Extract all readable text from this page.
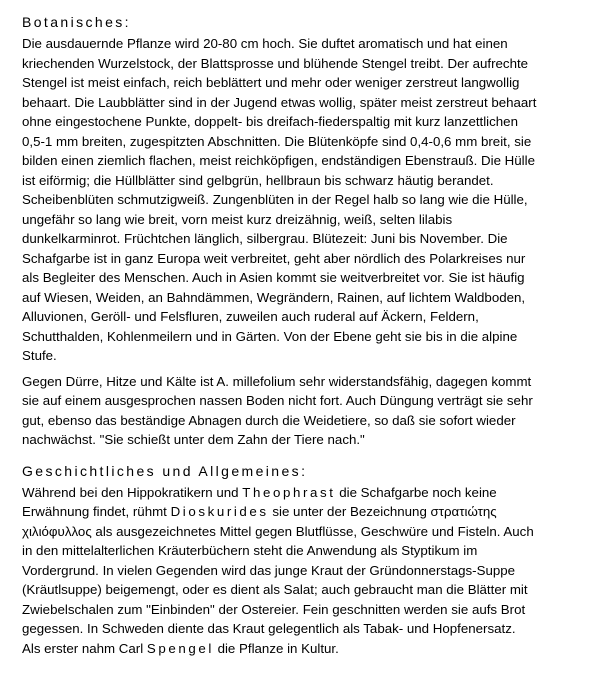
Botanisches:

Die ausdauernde Pflanze wird 20-80 cm hoch. Sie duftet aromatisch und hat einen
kriechenden Wurzelstock, der Blattsprosse und blühende Stengel treibt. Der aufrechte
Stengel ist meist einfach, reich beblättert und mehr oder weniger zerstreut langwollig
behaart. Die Laubblätter sind in der Jugend etwas wollig, später meist zerstreut behaart
ohne eingestochene Punkte, doppelt- bis dreifach-fiederspaltig mit kurz lanzettlichen
0,5-1 mm breiten, zugespitzten Abschnitten. Die Blütenköpfe sind 0,4-0,6 mm breit, sie
bilden einen ziemlich flachen, meist reichköpfigen, endständigen Ebenstrauß. Die Hülle
ist eiförmig; die Hüllblätter sind gelbgrün, hellbraun bis schwarz häutig berandet.
Scheibenblüten schmutzigweiß. Zungenblüten in der Regel halb so lang wie die Hülle,
ungefähr so lang wie breit, vorn meist kurz dreizähnig, weiß, selten lilabis
dunkelkarminrot. Früchtchen länglich, silbergrau. Blütezeit: Juni bis November. Die
Schafgarbe ist in ganz Europa weit verbreitet, geht aber nördlich des Polarkreises nur
als Begleiter des Menschen. Auch in Asien kommt sie weitverbreitet vor. Sie ist häufig
auf Wiesen, Weiden, an Bahndämmen, Wegrändern, Rainen, auf lichtem Waldboden,
Alluvionen, Geröll- und Felsfluren, zuweilen auch ruderal auf Äckern, Feldern,
Schutthalden, Kohlenmeilern und in Gärten. Von der Ebene geht sie bis in die alpine
Stufe.

Gegen Dürre, Hitze und Kälte ist A. millefolium sehr widerstandsfähig, dagegen kommt
sie auf einem ausgesprochen nassen Boden nicht fort. Auch Düngung verträgt sie sehr
gut, ebenso das beständige Abnagen durch die Weidetiere, so daß sie sofort wieder
nachwächst. "Sie schießt unter dem Zahn der Tiere nach."

Geschichtliches und Allgemeines:

Während bei den Hippokratikern und Theophrast die Schafgarbe noch keine
Erwähnung findet, rühmt Dioskurides sie unter der Bezeichnung στρατιώτης
χιλιόφυλλος als ausgezeichnetes Mittel gegen Blutflüsse, Geschwüre und Fisteln. Auch
in den mittelalterlichen Kräuterbüchern steht die Anwendung als Styptikum im
Vordergrund. In vielen Gegenden wird das junge Kraut der Gründonnerstags-Suppe
(Kräutlsuppe) beigemengt, oder es dient als Salat; auch gebraucht man die Blätter mit
Zwiebelschalen zum "Einbinden" der Ostereier. Fein geschnitten werden sie aufs Brot
gegessen. In Schweden diente das Kraut gelegentlich als Tabak- und Hopfenersatz.
Als erster nahm Carl Spengel die Pflanze in Kultur.
